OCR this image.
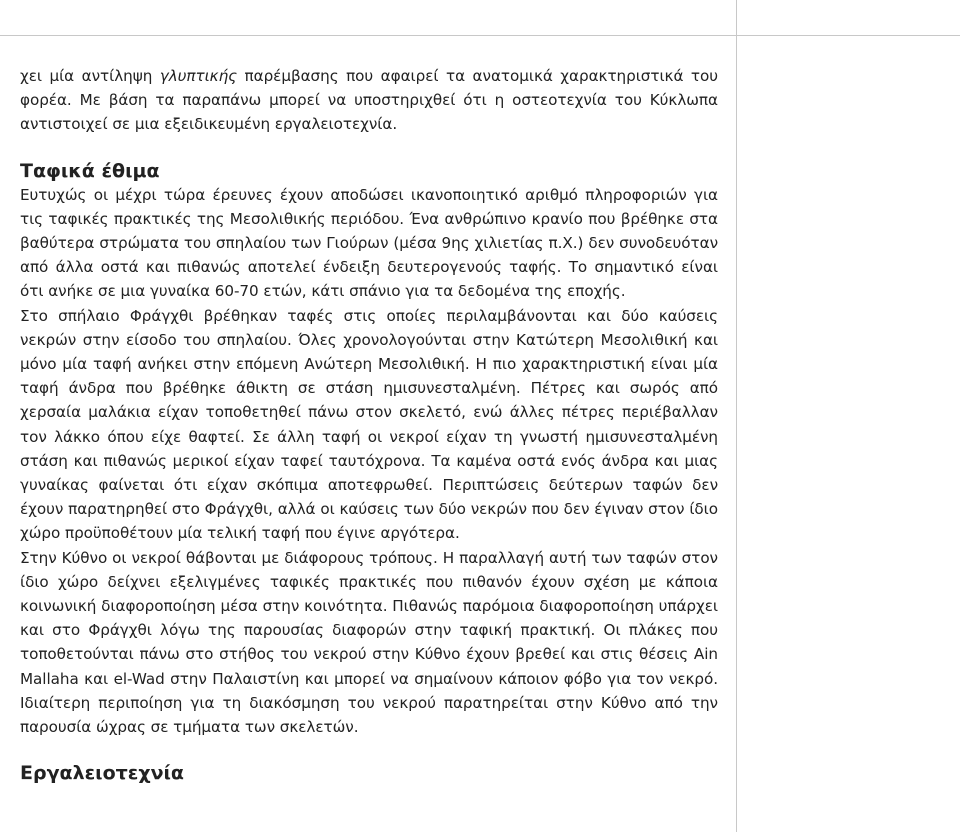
χει μία αντίληψη γλυπτικής παρέμβασης που αφαιρεί τα ανατομικά χαρακτηριστικά του φορέα. Με βάση τα παραπάνω μπορεί να υποστηριχθεί ότι η οστεοτεχνία του Κύκλωπα αντιστοιχεί σε μια εξειδικευμένη εργαλειοτεχνία.

Ταφικά έθιμα

Ευτυχώς οι μέχρι τώρα έρευνες έχουν αποδώσει ικανοποιητικό αριθμό πληροφοριών για τις ταφικές πρακτικές της Μεσολιθικής περιόδου. Ένα ανθρώπινο κρανίο που βρέθηκε στα βαθύτερα στρώματα του σπηλαίου των Γιούρων (μέσα 9ης χιλιετίας π.Χ.) δεν συνοδευόταν από άλλα οστά και πιθανώς αποτελεί ένδειξη δευτερογενούς ταφής. Το σημαντικό είναι ότι ανήκε σε μια γυναίκα 60-70 ετών, κάτι σπάνιο για τα δεδομένα της εποχής.

Στο σπήλαιο Φράγχθι βρέθηκαν ταφές στις οποίες περιλαμβάνονται και δύο καύσεις νεκρών στην είσοδο του σπηλαίου. Όλες χρονολογούνται στην Κατώτερη Μεσολιθική και μόνο μία ταφή ανήκει στην επόμενη Ανώτερη Μεσολιθική. Η πιο χαρακτηριστική είναι μία ταφή άνδρα που βρέθηκε άθικτη σε στάση ημισυνεσταλμένη. Πέτρες και σωρός από χερσαία μαλάκια είχαν τοποθετηθεί πάνω στον σκελετό, ενώ άλλες πέτρες περιέβαλλαν τον λάκκο όπου είχε θαφτεί. Σε άλλη ταφή οι νεκροί είχαν τη γνωστή ημισυνεσταλμένη στάση και πιθανώς μερικοί είχαν ταφεί ταυτόχρονα. Τα καμένα οστά ενός άνδρα και μιας γυναίκας φαίνεται ότι είχαν σκόπιμα αποτεφρωθεί. Περιπτώσεις δεύτερων ταφών δεν έχουν παρατηρηθεί στο Φράγχθι, αλλά οι καύσεις των δύο νεκρών που δεν έγιναν στον ίδιο χώρο προϋποθέτουν μία τελική ταφή που έγινε αργότερα.

Στην Κύθνο οι νεκροί θάβονται με διάφορους τρόπους. Η παραλλαγή αυτή των ταφών στον ίδιο χώρο δείχνει εξελιγμένες ταφικές πρακτικές που πιθανόν έχουν σχέση με κάποια κοινωνική διαφοροποίηση μέσα στην κοινότητα. Πιθανώς παρόμοια διαφοροποίηση υπάρχει και στο Φράγχθι λόγω της παρουσίας διαφορών στην ταφική πρακτική. Οι πλάκες που τοποθετούνται πάνω στο στήθος του νεκρού στην Κύθνο έχουν βρεθεί και στις θέσεις Ain Mallaha και el-Wad στην Παλαιστίνη και μπορεί να σημαίνουν κάποιον φόβο για τον νεκρό. Ιδιαίτερη περιποίηση για τη διακόσμηση του νεκρού παρατηρείται στην Κύθνο από την παρουσία ώχρας σε τμήματα των σκελετών.

Εργαλειοτεχνία
